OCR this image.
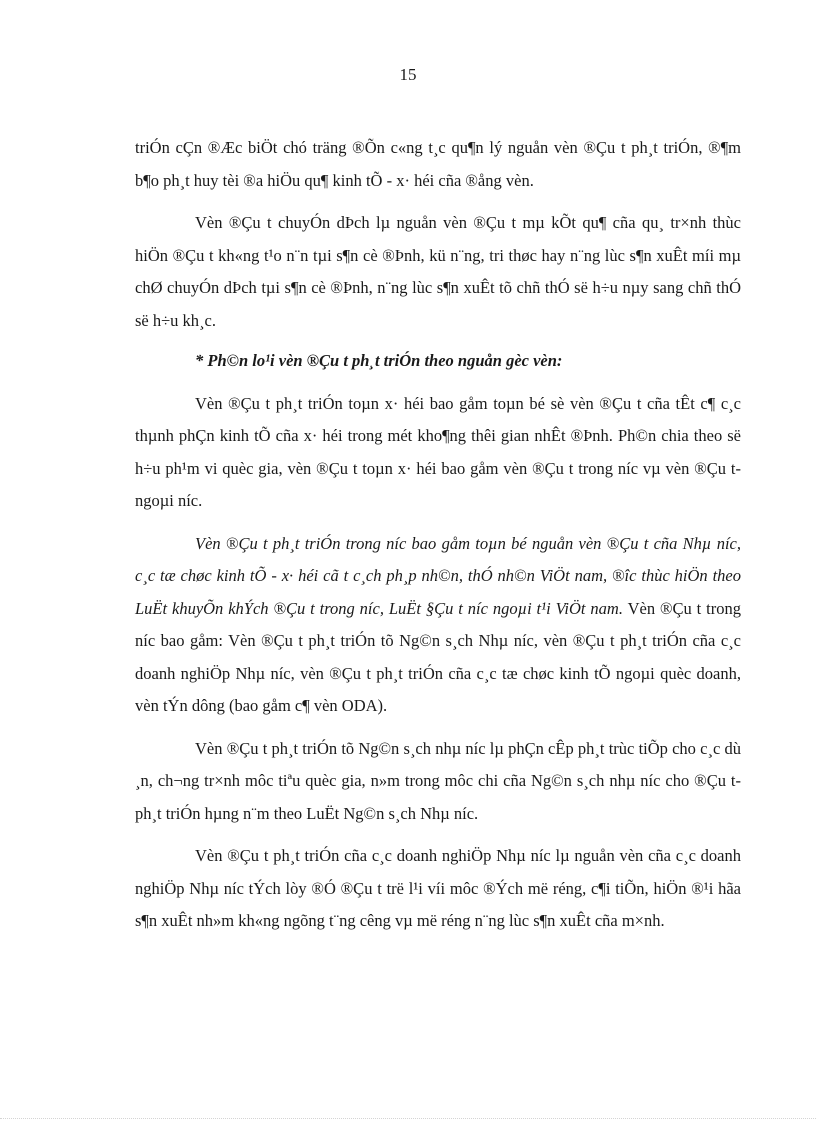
15

triÓn cÇn ®Æc biÖt chó träng ®Õn c«ng t¸c qu¶n lý nguån vèn ®Çu t ph¸t triÓn, ®¶m b¶o ph¸t huy tèi ®a hiÖu qu¶ kinh tÕ - x· héi cña ®ång vèn.

Vèn ®Çu t chuyÓn dÞch lµ nguån vèn ®Çu t mµ kÕt qu¶ cña qu¸ tr×nh thùc hiÖn ®Çu t kh«ng t¹o n¨n tµi s¶n cè ®Þnh, kü n¨ng, tri thøc hay n¨ng lùc s¶n xuÊt míi mµ chØ chuyÓn dÞch tµi s¶n cè ®Þnh, n¨ng lùc s¶n xuÊt tõ chñ thÓ së h÷u nµy sang chñ thÓ së h÷u kh¸c.

* Ph©n lo¹i vèn ®Çu t ph¸t triÓn theo nguån gèc vèn:

Vèn ®Çu t ph¸t triÓn toµn x· héi bao gåm toµn bé sè vèn ®Çu t cña tÊt c¶ c¸c thµnh phÇn kinh tÕ cña x· héi trong mét kho¶ng thêi gian nhÊt ®Þnh. Ph©n chia theo së h÷u ph¹m vi quèc gia, vèn ®Çu t toµn x· héi bao gåm vèn ®Çu t trong níc vµ vèn ®Çu t ngoµi níc.

Vèn ®Çu t ph¸t triÓn trong níc bao gåm toµn bé nguån vèn ®Çu t cña Nhµ níc, c¸c tæ chøc kinh tÕ - x· héi cã t c¸ch ph¸p nh©n, thÓ nh©n ViÖt nam, ®îc thùc hiÖn theo LuËt khuyÕn khÝch ®Çu t trong níc, LuËt §Çu t níc ngoµi t¹i ViÖt nam. Vèn ®Çu t trong níc bao gåm: Vèn ®Çu t ph¸t triÓn tõ Ng©n s¸ch Nhµ níc, vèn ®Çu t ph¸t triÓn cña c¸c doanh nghiÖp Nhµ níc, vèn ®Çu t ph¸t triÓn cña c¸c tæ chøc kinh tÕ ngoµi quèc doanh, vèn tÝn dông (bao gåm c¶ vèn ODA).

Vèn ®Çu t ph¸t triÓn tõ Ng©n s¸ch nhµ níc lµ phÇn cÊp ph¸t trùc tiÕp cho c¸c dù ¸n, ch¬ng tr×nh môc tiªu quèc gia, n»m trong môc chi cña Ng©n s¸ch nhµ níc cho ®Çu t ph¸t triÓn hµng n¨m theo LuËt Ng©n s¸ch Nhµ níc.

Vèn ®Çu t ph¸t triÓn cña c¸c doanh nghiÖp Nhµ níc lµ nguån vèn cña c¸c doanh nghiÖp Nhµ níc tÝch lòy ®Ó ®Çu t trë l¹i víi môc ®Ých më réng, c¶i tiÕn, hiÖn ®¹i hãa s¶n xuÊt nh»m kh«ng ngõng t¨ng cêng vµ më réng n¨ng lùc s¶n xuÊt cña m×nh.
